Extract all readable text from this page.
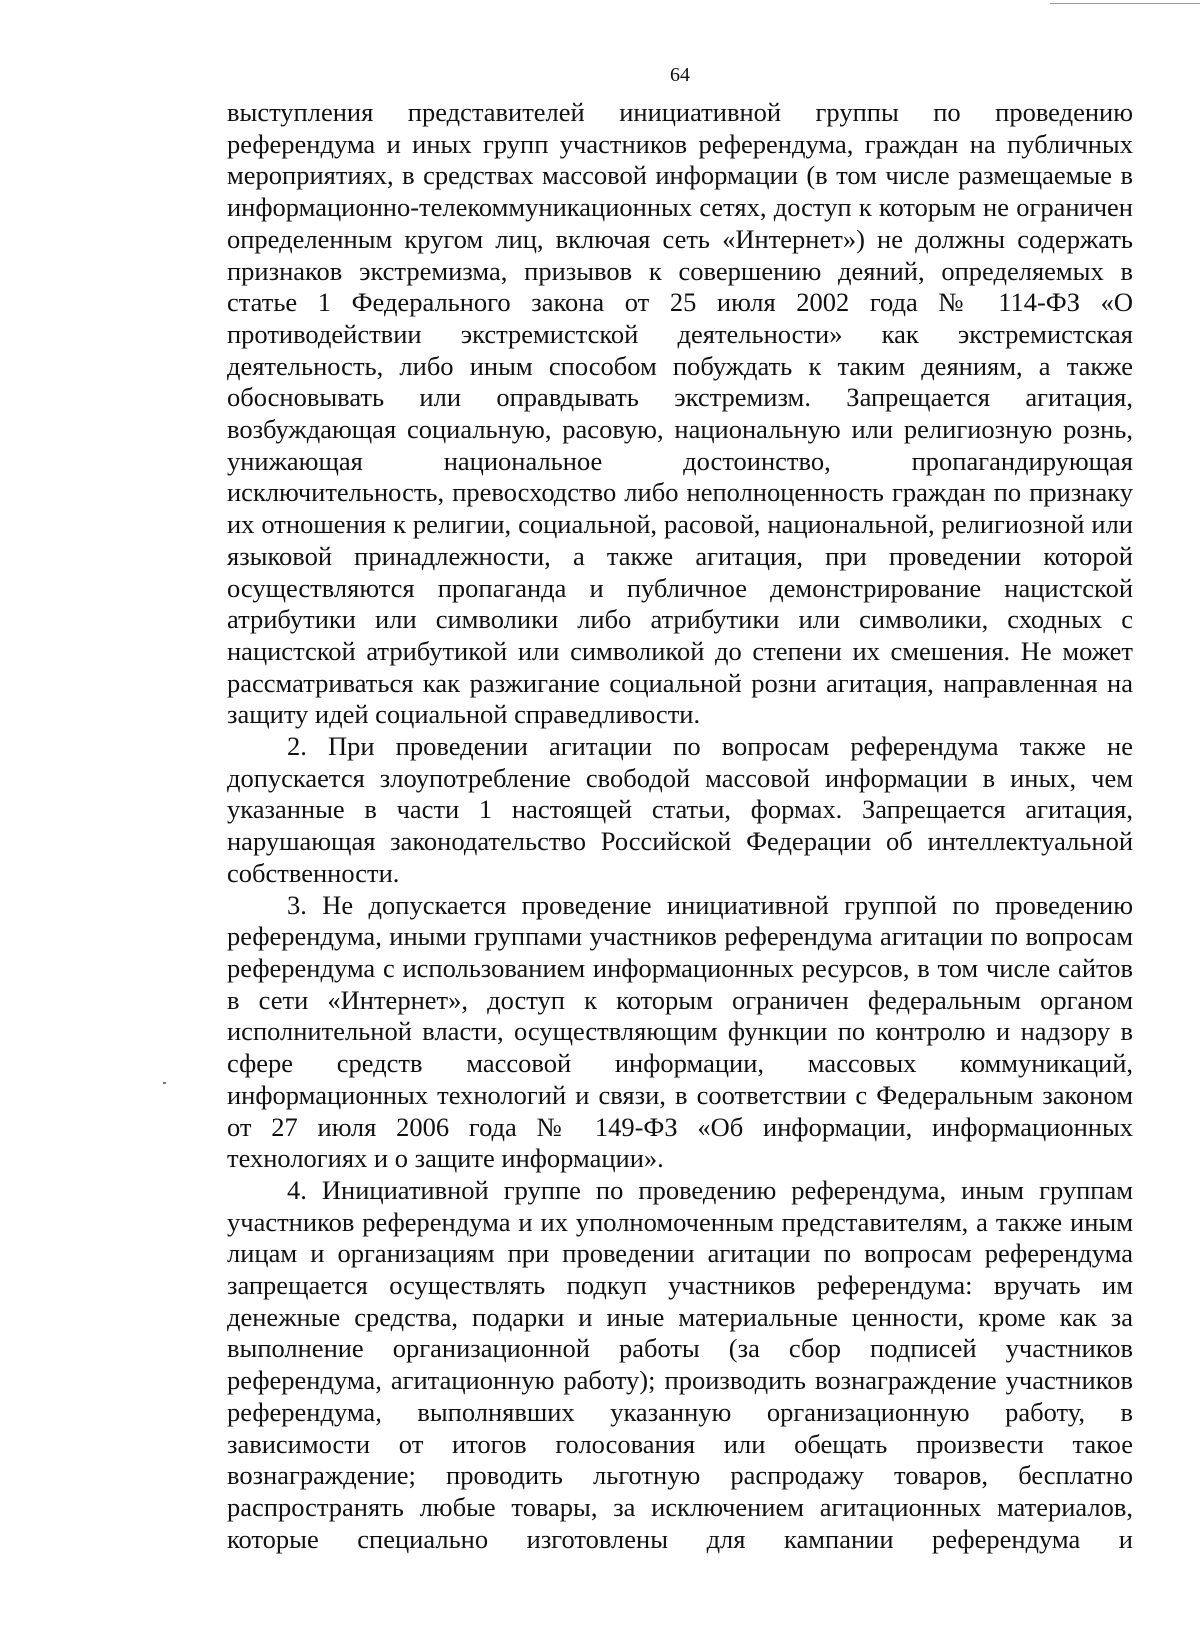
64

выступления представителей инициативной группы по проведению референдума и иных групп участников референдума, граждан на публичных мероприятиях, в средствах массовой информации (в том числе размещаемые в информационно-телекоммуникационных сетях, доступ к которым не ограничен определенным кругом лиц, включая сеть «Интернет») не должны содержать признаков экстремизма, призывов к совершению деяний, определяемых в статье 1 Федерального закона от 25 июля 2002 года № 114-ФЗ «О противодействии экстремистской деятельности» как экстремистская деятельность, либо иным способом побуждать к таким деяниям, а также обосновывать или оправдывать экстремизм. Запрещается агитация, возбуждающая социальную, расовую, национальную или религиозную рознь, унижающая национальное достоинство, пропагандирующая исключительность, превосходство либо неполноценность граждан по признаку их отношения к религии, социальной, расовой, национальной, религиозной или языковой принадлежности, а также агитация, при проведении которой осуществляются пропаганда и публичное демонстрирование нацистской атрибутики или символики либо атрибутики или символики, сходных с нацистской атрибутикой или символикой до степени их смешения. Не может рассматриваться как разжигание социальной розни агитация, направленная на защиту идей социальной справедливости.

2. При проведении агитации по вопросам референдума также не допускается злоупотребление свободой массовой информации в иных, чем указанные в части 1 настоящей статьи, формах. Запрещается агитация, нарушающая законодательство Российской Федерации об интеллектуальной собственности.

3. Не допускается проведение инициативной группой по проведению референдума, иными группами участников референдума агитации по вопросам референдума с использованием информационных ресурсов, в том числе сайтов в сети «Интернет», доступ к которым ограничен федеральным органом исполнительной власти, осуществляющим функции по контролю и надзору в сфере средств массовой информации, массовых коммуникаций, информационных технологий и связи, в соответствии с Федеральным законом от 27 июля 2006 года № 149-ФЗ «Об информации, информационных технологиях и о защите информации».

4. Инициативной группе по проведению референдума, иным группам участников референдума и их уполномоченным представителям, а также иным лицам и организациям при проведении агитации по вопросам референдума запрещается осуществлять подкуп участников референдума: вручать им денежные средства, подарки и иные материальные ценности, кроме как за выполнение организационной работы (за сбор подписей участников референдума, агитационную работу); производить вознаграждение участников референдума, выполнявших указанную организационную работу, в зависимости от итогов голосования или обещать произвести такое вознаграждение; проводить льготную распродажу товаров, бесплатно распространять любые товары, за исключением агитационных материалов, которые специально изготовлены для кампании референдума и
